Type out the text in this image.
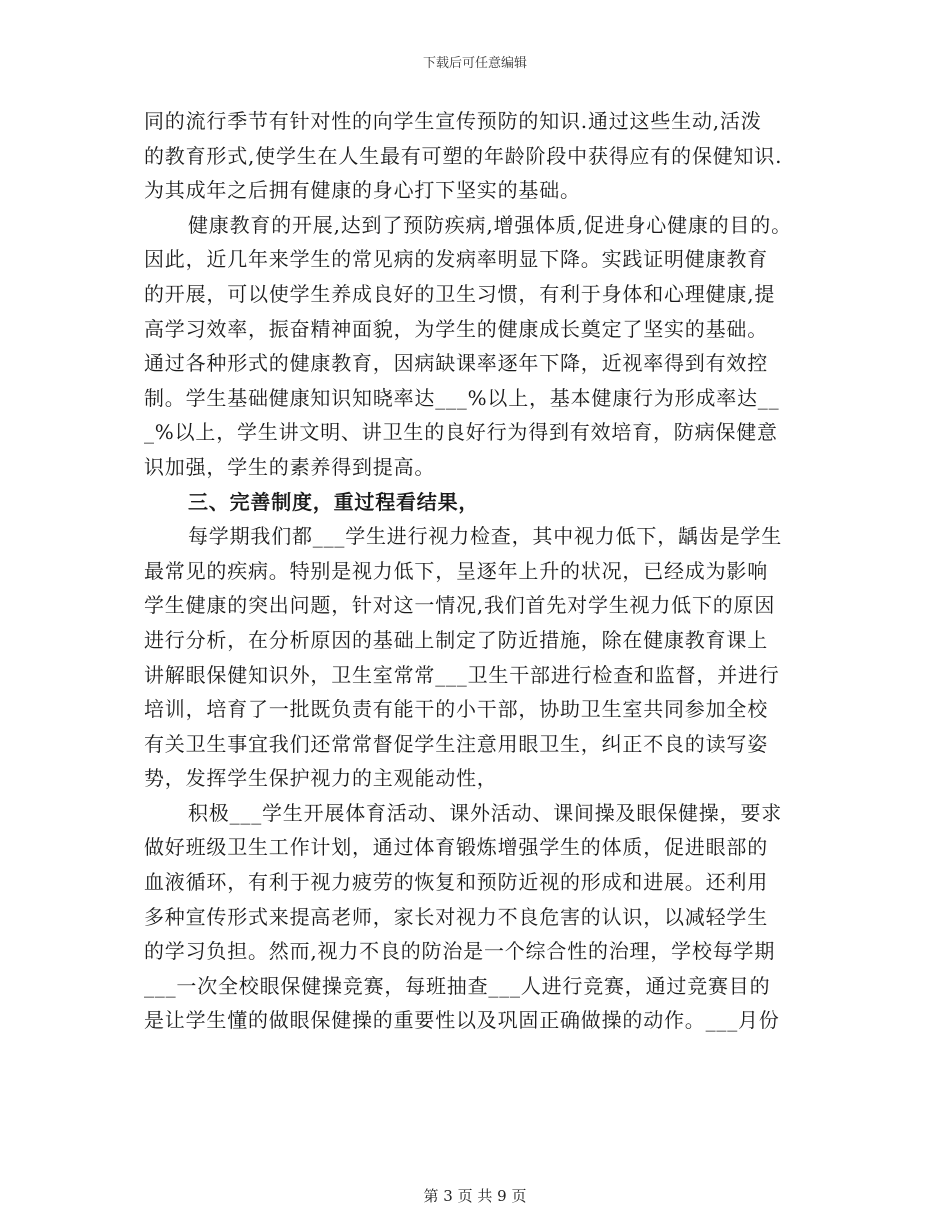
下载后可任意编辑
同的流行季节有针对性的向学生宣传预防的知识.通过这些生动,活泼
的教育形式,使学生在人生最有可塑的年龄阶段中获得应有的保健知识.
为其成年之后拥有健康的身心打下坚实的基础。
健康教育的开展,达到了预防疾病,增强体质,促进身心健康的目的。
因此，近几年来学生的常见病的发病率明显下降。实践证明健康教育
的开展，可以使学生养成良好的卫生习惯，有利于身体和心理健康,提
高学习效率，振奋精神面貌，为学生的健康成长奠定了坚实的基础。
通过各种形式的健康教育，因病缺课率逐年下降，近视率得到有效控
制。学生基础健康知识知晓率达___%以上，基本健康行为形成率达__
_%以上，学生讲文明、讲卫生的良好行为得到有效培育，防病保健意
识加强，学生的素养得到提高。
三、完善制度，重过程看结果，
每学期我们都___学生进行视力检查，其中视力低下，龋齿是学生
最常见的疾病。特别是视力低下，呈逐年上升的状况，已经成为影响
学生健康的突出问题，针对这一情况,我们首先对学生视力低下的原因
进行分析，在分析原因的基础上制定了防近措施，除在健康教育课上
讲解眼保健知识外，卫生室常常___卫生干部进行检查和监督，并进行
培训，培育了一批既负责有能干的小干部，协助卫生室共同参加全校
有关卫生事宜我们还常常督促学生注意用眼卫生，纠正不良的读写姿
势，发挥学生保护视力的主观能动性，
积极___学生开展体育活动、课外活动、课间操及眼保健操，要求
做好班级卫生工作计划，通过体育锻炼增强学生的体质，促进眼部的
血液循环，有利于视力疲劳的恢复和预防近视的形成和进展。还利用
多种宣传形式来提高老师，家长对视力不良危害的认识，以减轻学生
的学习负担。然而,视力不良的防治是一个综合性的治理，学校每学期
___一次全校眼保健操竞赛，每班抽查___人进行竞赛，通过竞赛目的
是让学生懂的做眼保健操的重要性以及巩固正确做操的动作。___月份
第 3 页 共 9 页
